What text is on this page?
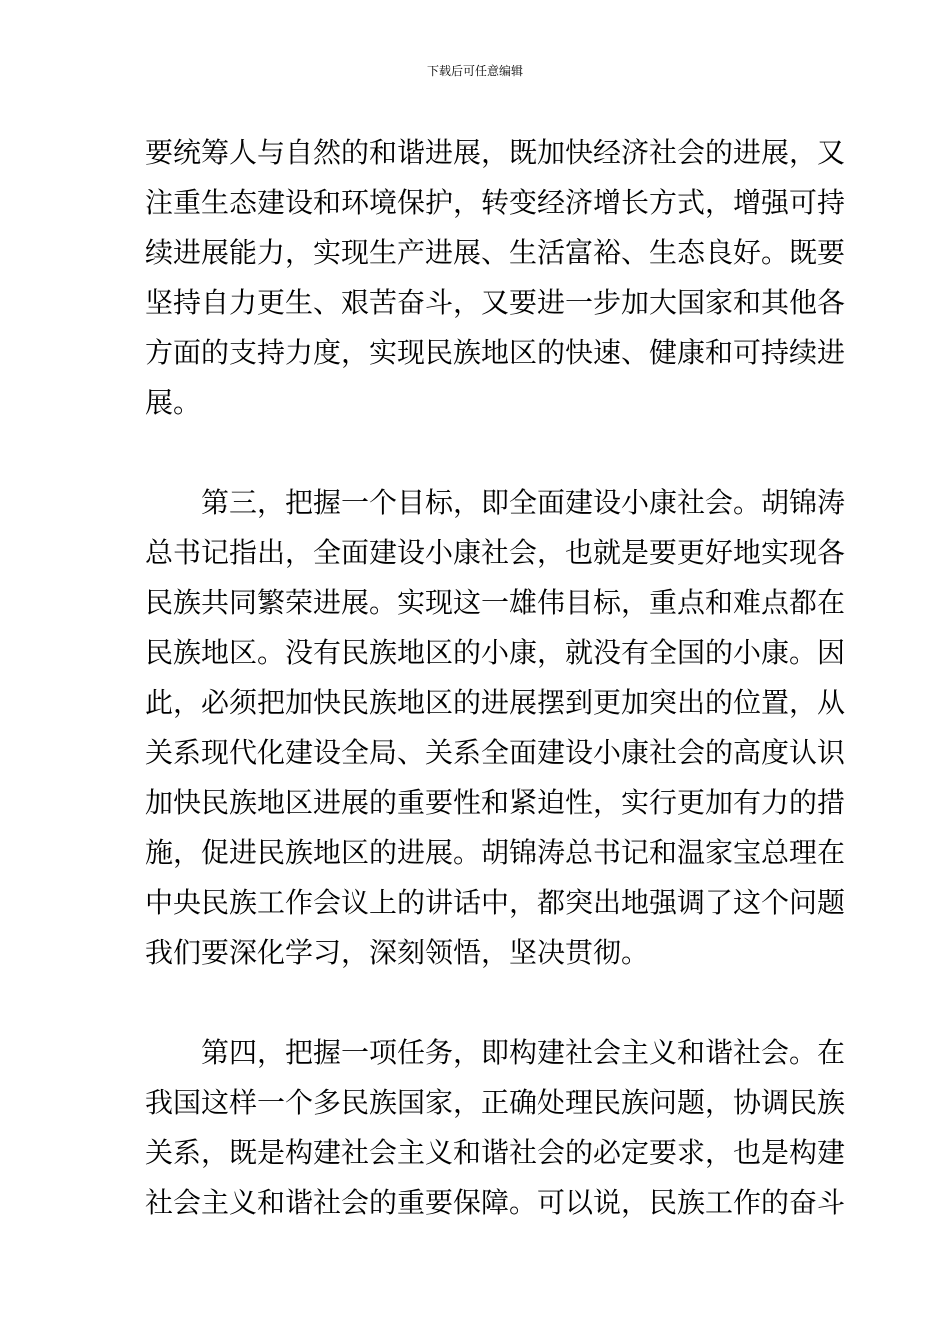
下载后可任意编辑
要统筹人与自然的和谐进展，既加快经济社会的进展，又
注重生态建设和环境保护，转变经济增长方式，增强可持
续进展能力，实现生产进展、生活富裕、生态良好。既要
坚持自力更生、艰苦奋斗，又要进一步加大国家和其他各
方面的支持力度，实现民族地区的快速、健康和可持续进
展。
第三，把握一个目标，即全面建设小康社会。胡锦涛
总书记指出，全面建设小康社会，也就是要更好地实现各
民族共同繁荣进展。实现这一雄伟目标，重点和难点都在
民族地区。没有民族地区的小康，就没有全国的小康。因
此，必须把加快民族地区的进展摆到更加突出的位置，从
关系现代化建设全局、关系全面建设小康社会的高度认识
加快民族地区进展的重要性和紧迫性，实行更加有力的措
施，促进民族地区的进展。胡锦涛总书记和温家宝总理在
中央民族工作会议上的讲话中，都突出地强调了这个问题
我们要深化学习，深刻领悟，坚决贯彻。
第四，把握一项任务，即构建社会主义和谐社会。在
我国这样一个多民族国家，正确处理民族问题，协调民族
关系，既是构建社会主义和谐社会的必定要求，也是构建
社会主义和谐社会的重要保障。可以说，民族工作的奋斗
